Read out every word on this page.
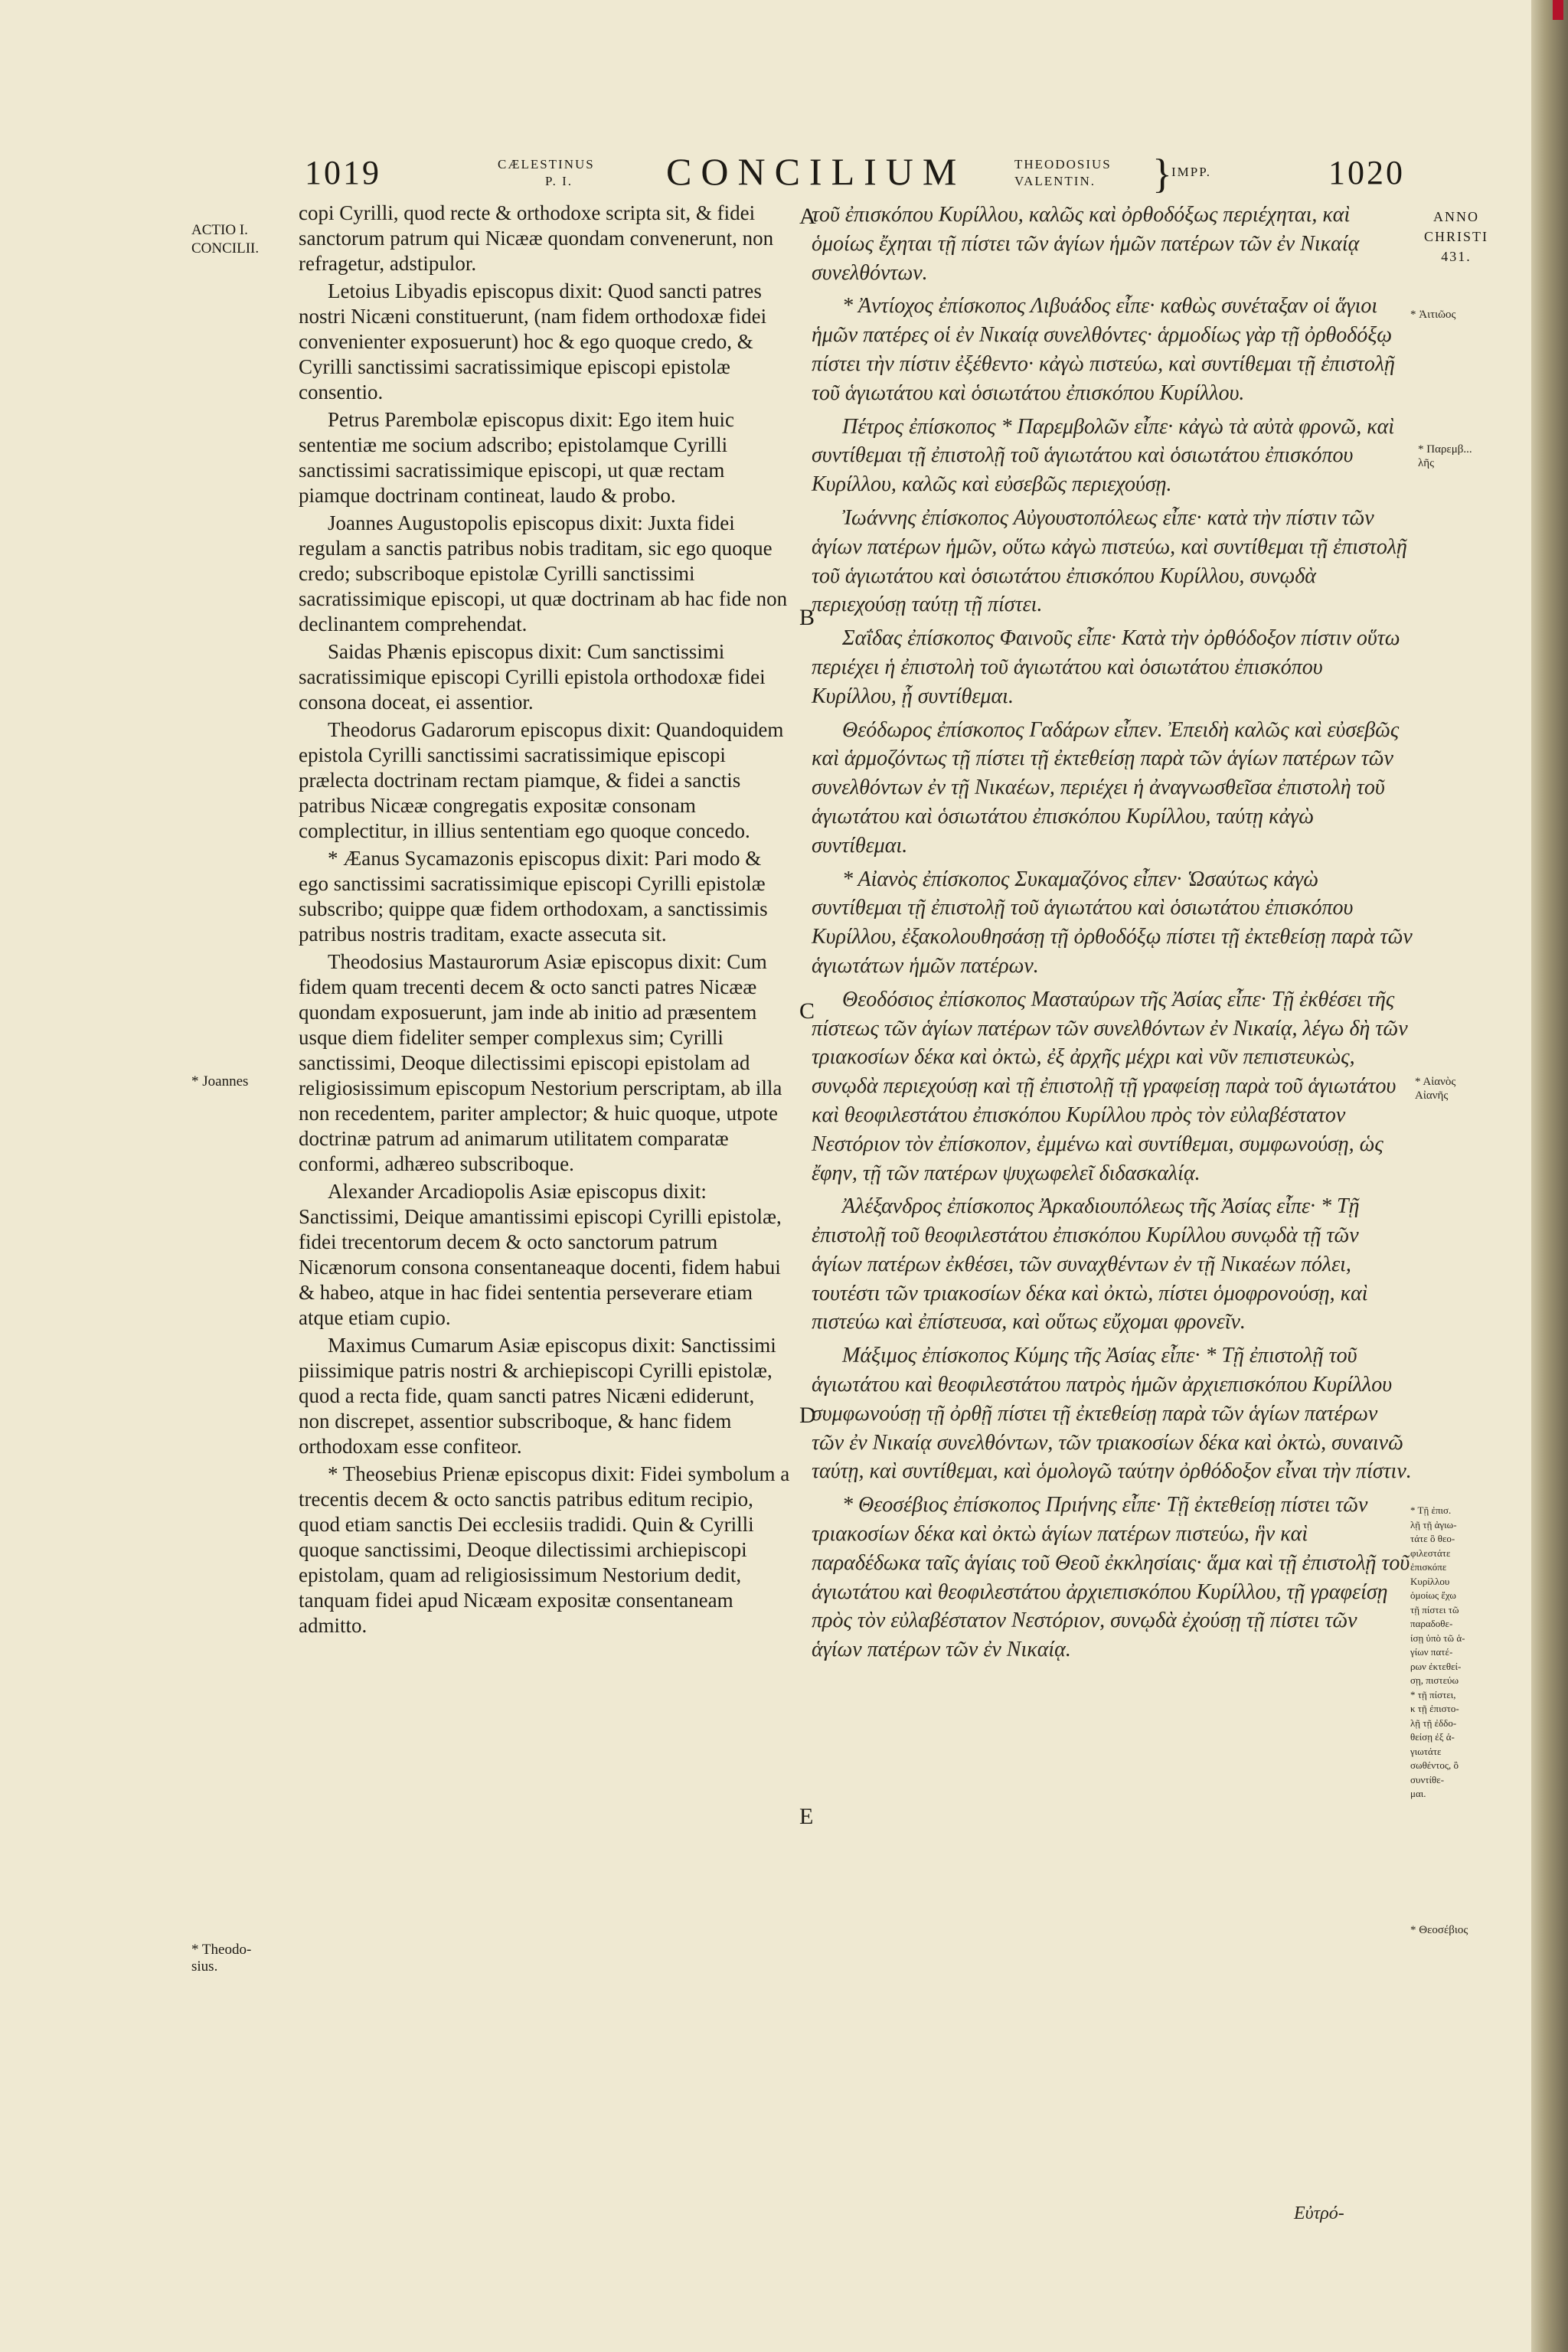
1019	CÆLESTINUS
P. I. CONCILIUM	THEODOSIUS
VALENTIN. } IMPP.	1020
ACTIO I.
CONCILII.
* Joannes
* Theodo-
sius.
A
B
C
D
E

copi Cyrilli, quod recte & orthodoxe scripta sit, & fidei sanctorum patrum qui Nicææ quondam convenerunt, non refragetur, adstipulor.

Letoius Libyadis episcopus dixit: Quod sancti patres nostri Nicæni constituerunt, (nam fidem orthodoxæ fidei convenienter exposuerunt) hoc & ego quoque credo, & Cyrilli sanctissimi sacratissimique episcopi epistolæ consentio.

Petrus Parembolæ episcopus dixit: Ego item huic sententiæ me socium adscribo; epistolamque Cyrilli sanctissimi sacratissimique episcopi, ut quæ rectam piamque doctrinam contineat, laudo & probo.

Joannes Augustopolis episcopus dixit: Juxta fidei regulam a sanctis patribus nobis traditam, sic ego quoque credo; subscriboque epistolæ Cyrilli sanctissimi sacratissimique episcopi, ut quæ doctrinam ab hac fide non declinantem comprehendat.

Saidas Phænis episcopus dixit: Cum sanctissimi sacratissimique episcopi Cyrilli epistola orthodoxæ fidei consona doceat, ei assentior.

Theodorus Gadarorum episcopus dixit: Quandoquidem epistola Cyrilli sanctissimi sacratissimique episcopi prælecta doctrinam rectam piamque, & fidei a sanctis patribus Nicææ congregatis expositæ consonam complectitur, in illius sententiam ego quoque concedo.

* Æanus Sycamazonis episcopus dixit: Pari modo & ego sanctissimi sacratissimique episcopi Cyrilli epistolæ subscribo; quippe quæ fidem orthodoxam, a sanctissimis patribus nostris traditam, exacte assecuta sit.

Theodosius Mastaurorum Asiæ episcopus dixit: Cum fidem quam trecenti decem & octo sancti patres Nicææ quondam exposuerunt, jam inde ab initio ad præsentem usque diem fideliter semper complexus sim; Cyrilli sanctissimi, Deoque dilectissimi episcopi epistolam ad religiosissimum episcopum Nestorium perscriptam, ab illa non recedentem, pariter amplector; & huic quoque, utpote doctrinæ patrum ad animarum utilitatem comparatæ conformi, adhæreo subscriboque.

Alexander Arcadiopolis Asiæ episcopus dixit: Sanctissimi, Deique amantissimi episcopi Cyrilli epistolæ, fidei trecentorum decem & octo sanctorum patrum Nicænorum consona consentaneaque docenti, fidem habui & habeo, atque in hac fidei sententia perseverare etiam atque etiam cupio.

Maximus Cumarum Asiæ episcopus dixit: Sanctissimi piissimique patris nostri & archiepiscopi Cyrilli epistolæ, quod a recta fide, quam sancti patres Nicæni ediderunt, non discrepet, assentior subscriboque, & hanc fidem orthodoxam esse confiteor.

* Theosebius Prienæ episcopus dixit: Fidei symbolum a trecentis decem & octo sanctis patribus editum recipio, quod etiam sanctis Dei ecclesiis tradidi. Quin & Cyrilli quoque sanctissimi, Deoque dilectissimi archiepiscopi epistolam, quam ad religiosissimum Nestorium dedit, tanquam fidei apud Nicæam expositæ consentaneam admitto.

τοῦ ἐπισκόπου Κυρίλλου, καλῶς καὶ ὀρθοδόξως περιέχηται, καὶ ὁμοίως ἔχηται τῇ πίστει τῶν ἁγίων ἡμῶν πατέρων τῶν ἐν Νικαίᾳ συνελθόντων.

* Ἀντίοχος ἐπίσκοπος Λιβυάδος εἶπε· καθὼς συνέταξαν οἱ ἅγιοι ἡμῶν πατέρες οἱ ἐν Νικαίᾳ συνελθόντες· ἁρμοδίως γὰρ τῇ ὀρθοδόξῳ πίστει τὴν πίστιν ἐξέθεντο· κἀγὼ πιστεύω, καὶ συντίθεμαι τῇ ἐπιστολῇ τοῦ ἁγιωτάτου καὶ ὁσιωτάτου ἐπισκόπου Κυρίλλου.

Πέτρος ἐπίσκοπος * Παρεμβολῶν εἶπε· κἀγὼ τὰ αὐτὰ φρονῶ, καὶ συντίθεμαι τῇ ἐπιστολῇ τοῦ ἁγιωτάτου καὶ ὁσιωτάτου ἐπισκόπου Κυρίλλου, καλῶς καὶ εὐσεβῶς περιεχούσῃ.

Ἰωάννης ἐπίσκοπος Αὐγουστοπόλεως εἶπε· κατὰ τὴν πίστιν τῶν ἁγίων πατέρων ἡμῶν, οὕτω κἀγὼ πιστεύω, καὶ συντίθεμαι τῇ ἐπιστολῇ τοῦ ἁγιωτάτου καὶ ὁσιωτάτου ἐπισκόπου Κυρίλλου, συνῳδὰ περιεχούσῃ ταύτῃ τῇ πίστει.

Σαΐδας ἐπίσκοπος Φαινοῦς εἶπε· Κατὰ τὴν ὀρθόδοξον πίστιν οὕτω περιέχει ἡ ἐπιστολὴ τοῦ ἁγιωτάτου καὶ ὁσιωτάτου ἐπισκόπου Κυρίλλου, ᾗ συντίθεμαι.

Θεόδωρος ἐπίσκοπος Γαδάρων εἶπεν. Ἐπειδὴ καλῶς καὶ εὐσεβῶς καὶ ἁρμοζόντως τῇ πίστει τῇ ἐκτεθείσῃ παρὰ τῶν ἁγίων πατέρων τῶν συνελθόντων ἐν τῇ Νικαέων, περιέχει ἡ ἀναγνωσθεῖσα ἐπιστολὴ τοῦ ἁγιωτάτου καὶ ὁσιωτάτου ἐπισκόπου Κυρίλλου, ταύτῃ κἀγὼ συντίθεμαι.

* Αἰανὸς ἐπίσκοπος Συκαμαζόνος εἶπεν· Ὡσαύτως κἀγὼ συντίθεμαι τῇ ἐπιστολῇ τοῦ ἁγιωτάτου καὶ ὁσιωτάτου ἐπισκόπου Κυρίλλου, ἐξακολουθησάσῃ τῇ ὀρθοδόξῳ πίστει τῇ ἐκτεθείσῃ παρὰ τῶν ἁγιωτάτων ἡμῶν πατέρων.

Θεοδόσιος ἐπίσκοπος Μασταύρων τῆς Ἀσίας εἶπε· Τῇ ἐκθέσει τῆς πίστεως τῶν ἁγίων πατέρων τῶν συνελθόντων ἐν Νικαίᾳ, λέγω δὴ τῶν τριακοσίων δέκα καὶ ὀκτὼ, ἐξ ἀρχῆς μέχρι καὶ νῦν πεπιστευκὼς, συνῳδὰ περιεχούσῃ καὶ τῇ ἐπιστολῇ τῇ γραφείσῃ παρὰ τοῦ ἁγιωτάτου καὶ θεοφιλεστάτου ἐπισκόπου Κυρίλλου πρὸς τὸν εὐλαβέστατον Νεστόριον τὸν ἐπίσκοπον, ἐμμένω καὶ συντίθεμαι, συμφωνούσῃ, ὡς ἔφην, τῇ τῶν πατέρων ψυχωφελεῖ διδασκαλίᾳ.

Ἀλέξανδρος ἐπίσκοπος Ἀρκαδιουπόλεως τῆς Ἀσίας εἶπε· * Τῇ ἐπιστολῇ τοῦ θεοφιλεστάτου ἐπισκόπου Κυρίλλου συνῳδὰ τῇ τῶν ἁγίων πατέρων ἐκθέσει, τῶν συναχθέντων ἐν τῇ Νικαέων πόλει, τουτέστι τῶν τριακοσίων δέκα καὶ ὀκτὼ, πίστει ὁμοφρονούσῃ, καὶ πιστεύω καὶ ἐπίστευσα, καὶ οὕτως εὔχομαι φρονεῖν.

Μάξιμος ἐπίσκοπος Κύμης τῆς Ἀσίας εἶπε· * Τῇ ἐπιστολῇ τοῦ ἁγιωτάτου καὶ θεοφιλεστάτου πατρὸς ἡμῶν ἀρχιεπισκόπου Κυρίλλου συμφωνούσῃ τῇ ὀρθῇ πίστει τῇ ἐκτεθείσῃ παρὰ τῶν ἁγίων πατέρων τῶν ἐν Νικαίᾳ συνελθόντων, τῶν τριακοσίων δέκα καὶ ὀκτὼ, συναινῶ ταύτῃ, καὶ συντίθεμαι, καὶ ὁμολογῶ ταύτην ὀρθόδοξον εἶναι τὴν πίστιν.

* Θεοσέβιος ἐπίσκοπος Πριήνης εἶπε· Τῇ ἐκτεθείσῃ πίστει τῶν τριακοσίων δέκα καὶ ὀκτὼ ἁγίων πατέρων πιστεύω, ἣν καὶ παραδέδωκα ταῖς ἁγίαις τοῦ Θεοῦ ἐκκλησίαις· ἅμα καὶ τῇ ἐπιστολῇ τοῦ ἁγιωτάτου καὶ θεοφιλεστάτου ἀρχιεπισκόπου Κυρίλλου, τῇ γραφείσῃ πρὸς τὸν εὐλαβέστατον Νεστόριον, συνῳδὰ ἐχούσῃ τῇ πίστει τῶν ἁγίων πατέρων τῶν ἐν Νικαίᾳ.

ANNO
CHRISTI
431.
* Ἀιτιῶος
* Παρεμβ...
λῆς
* Αἰανὸς
Αἰανῆς
* Τῇ ἐπισ.
λῇ τῇ ἀγιω-
τάτε ὃ θεο-
φιλεστάτε
ἐπισκόπε
Κυρίλλου
ὁμοίως ἔχω
τῇ πίστει τῶ
παραδοθε-
ίσῃ ὑπὸ τῶ ἁ-
γίων πατέ-
ρων ἐκτεθεί-
σῃ, πιστεύω
* τῇ πίστει,
κ τῇ ἐπιστο-
λῇ τῇ ἐδδο-
θείσῃ ἐξ ἁ-
γιωτάτε
σωθέντος, ὃ
συντίθε-
μαι.
* Θεοσέβιος
Εὐτρό-
